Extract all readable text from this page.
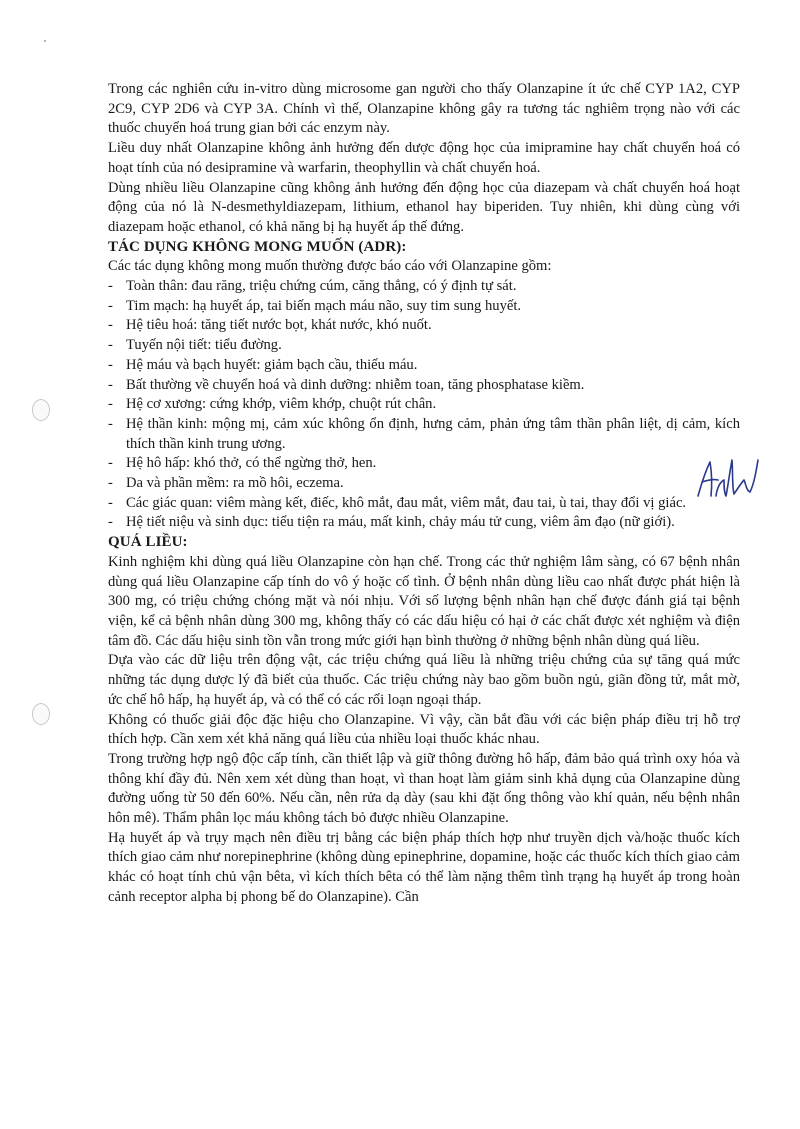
Trong các nghiên cứu in-vitro dùng microsome gan người cho thấy Olanzapine ít ức chế CYP 1A2, CYP 2C9, CYP 2D6 và CYP 3A. Chính vì thế, Olanzapine không gây ra tương tác nghiêm trọng nào với các thuốc chuyển hoá trung gian bởi các enzym này.

Liều duy nhất Olanzapine không ảnh hưởng đến dược động học của imipramine hay chất chuyển hoá có hoạt tính của nó desipramine và warfarin, theophyllin và chất chuyển hoá.

Dùng nhiều liều Olanzapine cũng không ảnh hưởng đến động học của diazepam và chất chuyển hoá hoạt động của nó là N-desmethyldiazepam, lithium, ethanol hay biperiden. Tuy nhiên, khi dùng cùng với diazepam hoặc ethanol, có khả năng bị hạ huyết áp thế đứng.

TÁC DỤNG KHÔNG MONG MUỐN (ADR):

Các tác dụng không mong muốn thường được báo cáo với Olanzapine gồm:

- Toàn thân: đau răng, triệu chứng cúm, căng thẳng, có ý định tự sát.
- Tim mạch: hạ huyết áp, tai biến mạch máu não, suy tim sung huyết.
- Hệ tiêu hoá: tăng tiết nước bọt, khát nước, khó nuốt.
- Tuyến nội tiết: tiểu đường.
- Hệ máu và bạch huyết: giảm bạch cầu, thiếu máu.
- Bất thường về chuyển hoá và dinh dưỡng: nhiễm toan, tăng phosphatase kiềm.
- Hệ cơ xương: cứng khớp, viêm khớp, chuột rút chân.
- Hệ thần kinh: mộng mị, cảm xúc không ổn định, hưng cảm, phản ứng tâm thần phân liệt, dị cảm, kích thích thần kinh trung ương.
- Hệ hô hấp: khó thở, có thể ngừng thở, hen.
- Da và phần mềm: ra mồ hôi, eczema.
- Các giác quan: viêm màng kết, điếc, khô mắt, đau mắt, viêm mắt, đau tai, ù tai, thay đổi vị giác.
- Hệ tiết niệu và sinh dục: tiểu tiện ra máu, mất kinh, chảy máu tử cung, viêm âm đạo (nữ giới).
QUÁ LIỀU:

Kinh nghiệm khi dùng quá liều Olanzapine còn hạn chế. Trong các thử nghiệm lâm sàng, có 67 bệnh nhân dùng quá liều Olanzapine cấp tính do vô ý hoặc cố tình. Ở bệnh nhân dùng liều cao nhất được phát hiện là 300 mg, có triệu chứng chóng mặt và nói nhịu. Với số lượng bệnh nhân hạn chế được đánh giá tại bệnh viện, kể cả bệnh nhân dùng 300 mg, không thấy có các dấu hiệu có hại ở các chất được xét nghiệm và điện tâm đồ. Các dấu hiệu sinh tồn vẫn trong mức giới hạn bình thường ở những bệnh nhân dùng quá liều.

Dựa vào các dữ liệu trên động vật, các triệu chứng quá liều là những triệu chứng của sự tăng quá mức những tác dụng dược lý đã biết của thuốc. Các triệu chứng này bao gồm buồn ngủ, giãn đồng tử, mắt mờ, ức chế hô hấp, hạ huyết áp, và có thể có các rối loạn ngoại tháp.

Không có thuốc giải độc đặc hiệu cho Olanzapine. Vì vậy, cần bắt đầu với các biện pháp điều trị hỗ trợ thích hợp. Cần xem xét khả năng quá liều của nhiều loại thuốc khác nhau.

Trong trường hợp ngộ độc cấp tính, cần thiết lập và giữ thông đường hô hấp, đảm bảo quá trình oxy hóa và thông khí đầy đủ. Nên xem xét dùng than hoạt, vì than hoạt làm giảm sinh khả dụng của Olanzapine dùng đường uống từ 50 đến 60%. Nếu cần, nên rửa dạ dày (sau khi đặt ống thông vào khí quản, nếu bệnh nhân hôn mê). Thẩm phân lọc máu không tách bỏ được nhiều Olanzapine.

Hạ huyết áp và trụy mạch nên điều trị bằng các biện pháp thích hợp như truyền dịch và/hoặc thuốc kích thích giao cảm như norepinephrine (không dùng epinephrine, dopamine, hoặc các thuốc kích thích giao cảm khác có hoạt tính chủ vận bêta, vì kích thích bêta có thể làm nặng thêm tình trạng hạ huyết áp trong hoàn cảnh receptor alpha bị phong bế do Olanzapine). Cần
